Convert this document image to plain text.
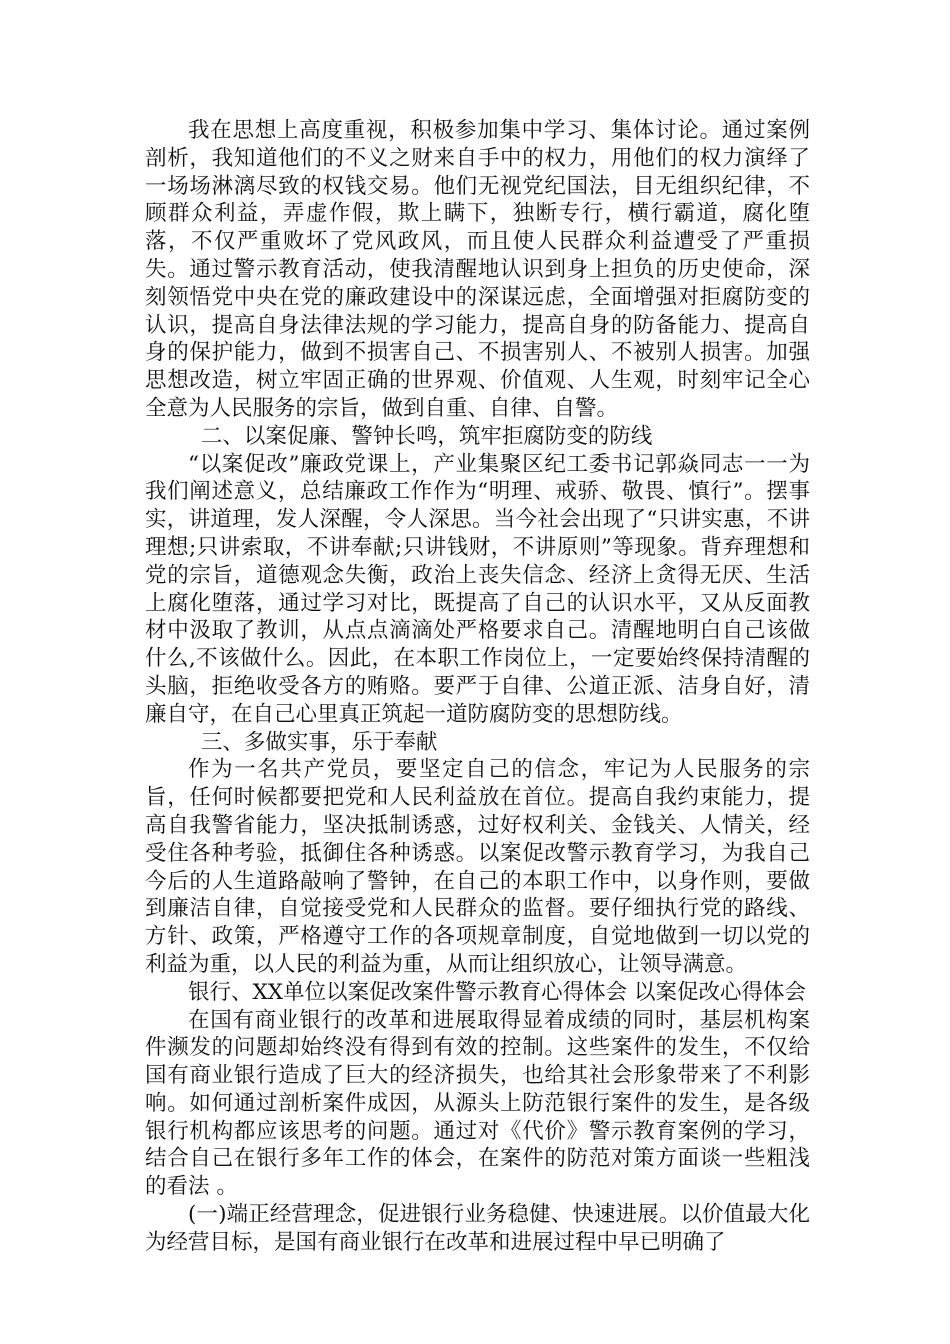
我在思想上高度重视，积极参加集中学习、集体讨论。通过案例剖析，我知道他们的不义之财来自手中的权力，用他们的权力演绎了一场场淋漓尽致的权钱交易。他们无视党纪国法，目无组织纪律，不顾群众利益，弄虚作假，欺上瞒下，独断专行，横行霸道，腐化堕落，不仅严重败坏了党风政风，而且使人民群众利益遭受了严重损失。通过警示教育活动，使我清醒地认识到身上担负的历史使命，深刻领悟党中央在党的廉政建设中的深谋远虑，全面增强对拒腐防变的认识，提高自身法律法规的学习能力，提高自身的防备能力、提高自身的保护能力，做到不损害自己、不损害别人、不被别人损害。加强思想改造，树立牢固正确的世界观、价值观、人生观，时刻牢记全心全意为人民服务的宗旨，做到自重、自律、自警。

二、以案促廉、警钟长鸣，筑牢拒腐防变的防线

“以案促改”廉政党课上，产业集聚区纪工委书记郭焱同志一一为我们阐述意义，总结廉政工作作为“明理、戒骄、敬畏、慎行”。摆事实，讲道理，发人深醒，令人深思。当今社会出现了“只讲实惠，不讲理想;只讲索取，不讲奉献;只讲钱财，不讲原则”等现象。背弃理想和党的宗旨，道德观念失衡，政治上丧失信念、经济上贪得无厌、生活上腐化堕落，通过学习对比，既提高了自己的认识水平，又从反面教材中汲取了教训，从点点滴滴处严格要求自己。清醒地明白自己该做什么,不该做什么。因此，在本职工作岗位上，一定要始终保持清醒的头脑，拒绝收受各方的贿赂。要严于自律、公道正派、洁身自好，清廉自守，在自己心里真正筑起一道防腐防变的思想防线。

三、多做实事，乐于奉献

作为一名共产党员，要坚定自己的信念，牢记为人民服务的宗旨，任何时候都要把党和人民利益放在首位。提高自我约束能力，提高自我警省能力，坚决抵制诱惑，过好权利关、金钱关、人情关，经受住各种考验，抵御住各种诱惑。以案促改警示教育学习，为我自己今后的人生道路敲响了警钟，在自己的本职工作中，以身作则，要做到廉洁自律，自觉接受党和人民群众的监督。要仔细执行党的路线、方针、政策，严格遵守工作的各项规章制度，自觉地做到一切以党的利益为重，以人民的利益为重，从而让组织放心，让领导满意。

银行、XX单位以案促改案件警示教育心得体会 以案促改心得体会

在国有商业银行的改革和进展取得显着成绩的同时，基层机构案件濒发的问题却始终没有得到有效的控制。这些案件的发生，不仅给国有商业银行造成了巨大的经济损失，也给其社会形象带来了不利影响。如何通过剖析案件成因，从源头上防范银行案件的发生，是各级银行机构都应该思考的问题。通过对《代价》警示教育案例的学习，结合自己在银行多年工作的体会，在案件的防范对策方面谈一些粗浅的看法 。

(一)端正经营理念，促进银行业务稳健、快速进展。以价值最大化为经营目标，是国有商业银行在改革和进展过程中早已明确了
